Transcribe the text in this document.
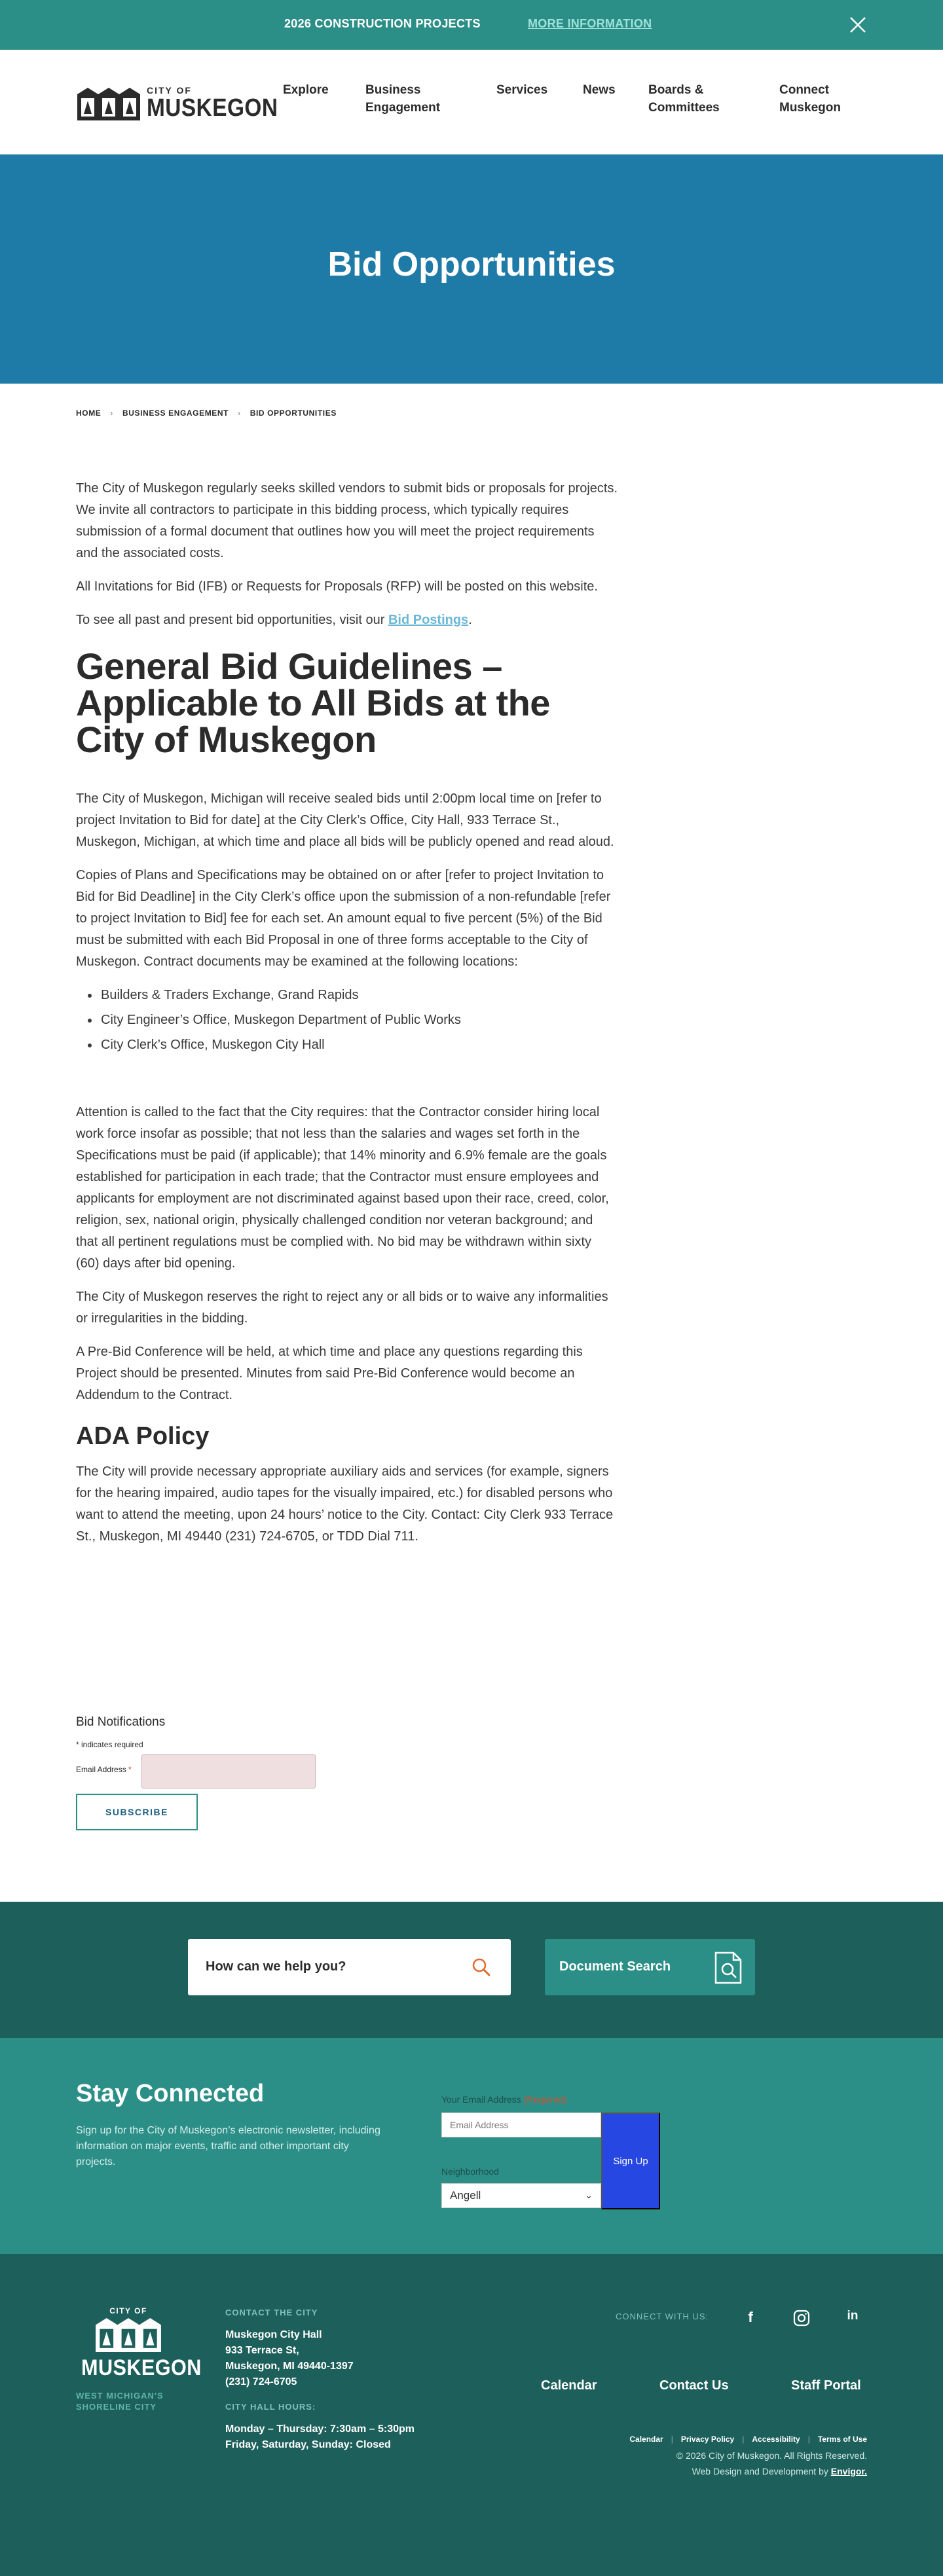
2026 CONSTRUCTION PROJECTS	MORE INFORMATION
CITY OF
MUSKEGON
Explore	Business Engagement
Services	News	Boards & Committees
Connect Muskegon
Bid Opportunities
HOME › BUSINESS ENGAGEMENT › BID OPPORTUNITIES

The City of Muskegon regularly seeks skilled vendors to submit bids or proposals for projects. We invite all contractors to participate in this bidding process, which typically requires submission of a formal document that outlines how you will meet the project requirements and the associated costs.

All Invitations for Bid (IFB) or Requests for Proposals (RFP) will be posted on this website.

To see all past and present bid opportunities, visit our Bid Postings.

General Bid Guidelines – Applicable to All Bids at the City of Muskegon

The City of Muskegon, Michigan will receive sealed bids until 2:00pm local time on [refer to project Invitation to Bid for date] at the City Clerk’s Office, City Hall, 933 Terrace St., Muskegon, Michigan, at which time and place all bids will be publicly opened and read aloud.

Copies of Plans and Specifications may be obtained on or after [refer to project Invitation to Bid for Bid Deadline] in the City Clerk’s office upon the submission of a non-refundable [refer to project Invitation to Bid] fee for each set. An amount equal to five percent (5%) of the Bid must be submitted with each Bid Proposal in one of three forms acceptable to the City of Muskegon. Contract documents may be examined at the following locations:

• Builders & Traders Exchange, Grand Rapids
• City Engineer’s Office, Muskegon Department of Public Works
• City Clerk’s Office, Muskegon City Hall

Attention is called to the fact that the City requires: that the Contractor consider hiring local work force insofar as possible; that not less than the salaries and wages set forth in the Specifications must be paid (if applicable); that 14% minority and 6.9% female are the goals established for participation in each trade; that the Contractor must ensure employees and applicants for employment are not discriminated against based upon their race, creed, color, religion, sex, national origin, physically challenged condition nor veteran background; and that all pertinent regulations must be complied with. No bid may be withdrawn within sixty (60) days after bid opening.

The City of Muskegon reserves the right to reject any or all bids or to waive any informalities or irregularities in the bidding.

A Pre-Bid Conference will be held, at which time and place any questions regarding this Project should be presented. Minutes from said Pre-Bid Conference would become an Addendum to the Contract.

ADA Policy

The City will provide necessary appropriate auxiliary aids and services (for example, signers for the hearing impaired, audio tapes for the visually impaired, etc.) for disabled persons who want to attend the meeting, upon 24 hours’ notice to the City. Contact: City Clerk 933 Terrace St., Muskegon, MI 49440 (231) 724-6705, or TDD Dial 711.

Bid Notifications
* indicates required
Email Address *
SUBSCRIBE
How can we help you?	Document Search
Stay Connected

Sign up for the City of Muskegon’s electronic newsletter, including information on major events, traffic and other important city projects.

Your Email Address (Required)
Email Address
Neighborhood
Angell	⌄
Sign Up
CITY OF
MUSKEGON
WEST MICHIGAN'S
SHORELINE CITY
CONTACT THE CITY
Muskegon City Hall
933 Terrace St,
Muskegon, MI 49440-1397
(231) 724-6705
CITY HALL HOURS:
Monday – Thursday: 7:30am – 5:30pm
Friday, Saturday, Sunday: Closed
CONNECT WITH US:	f	in
Calendar	Contact Us	Staff Portal
Calendar | Privacy Policy | Accessibility | Terms of Use
© 2026 City of Muskegon. All Rights Reserved.
Web Design and Development by Envigor.
